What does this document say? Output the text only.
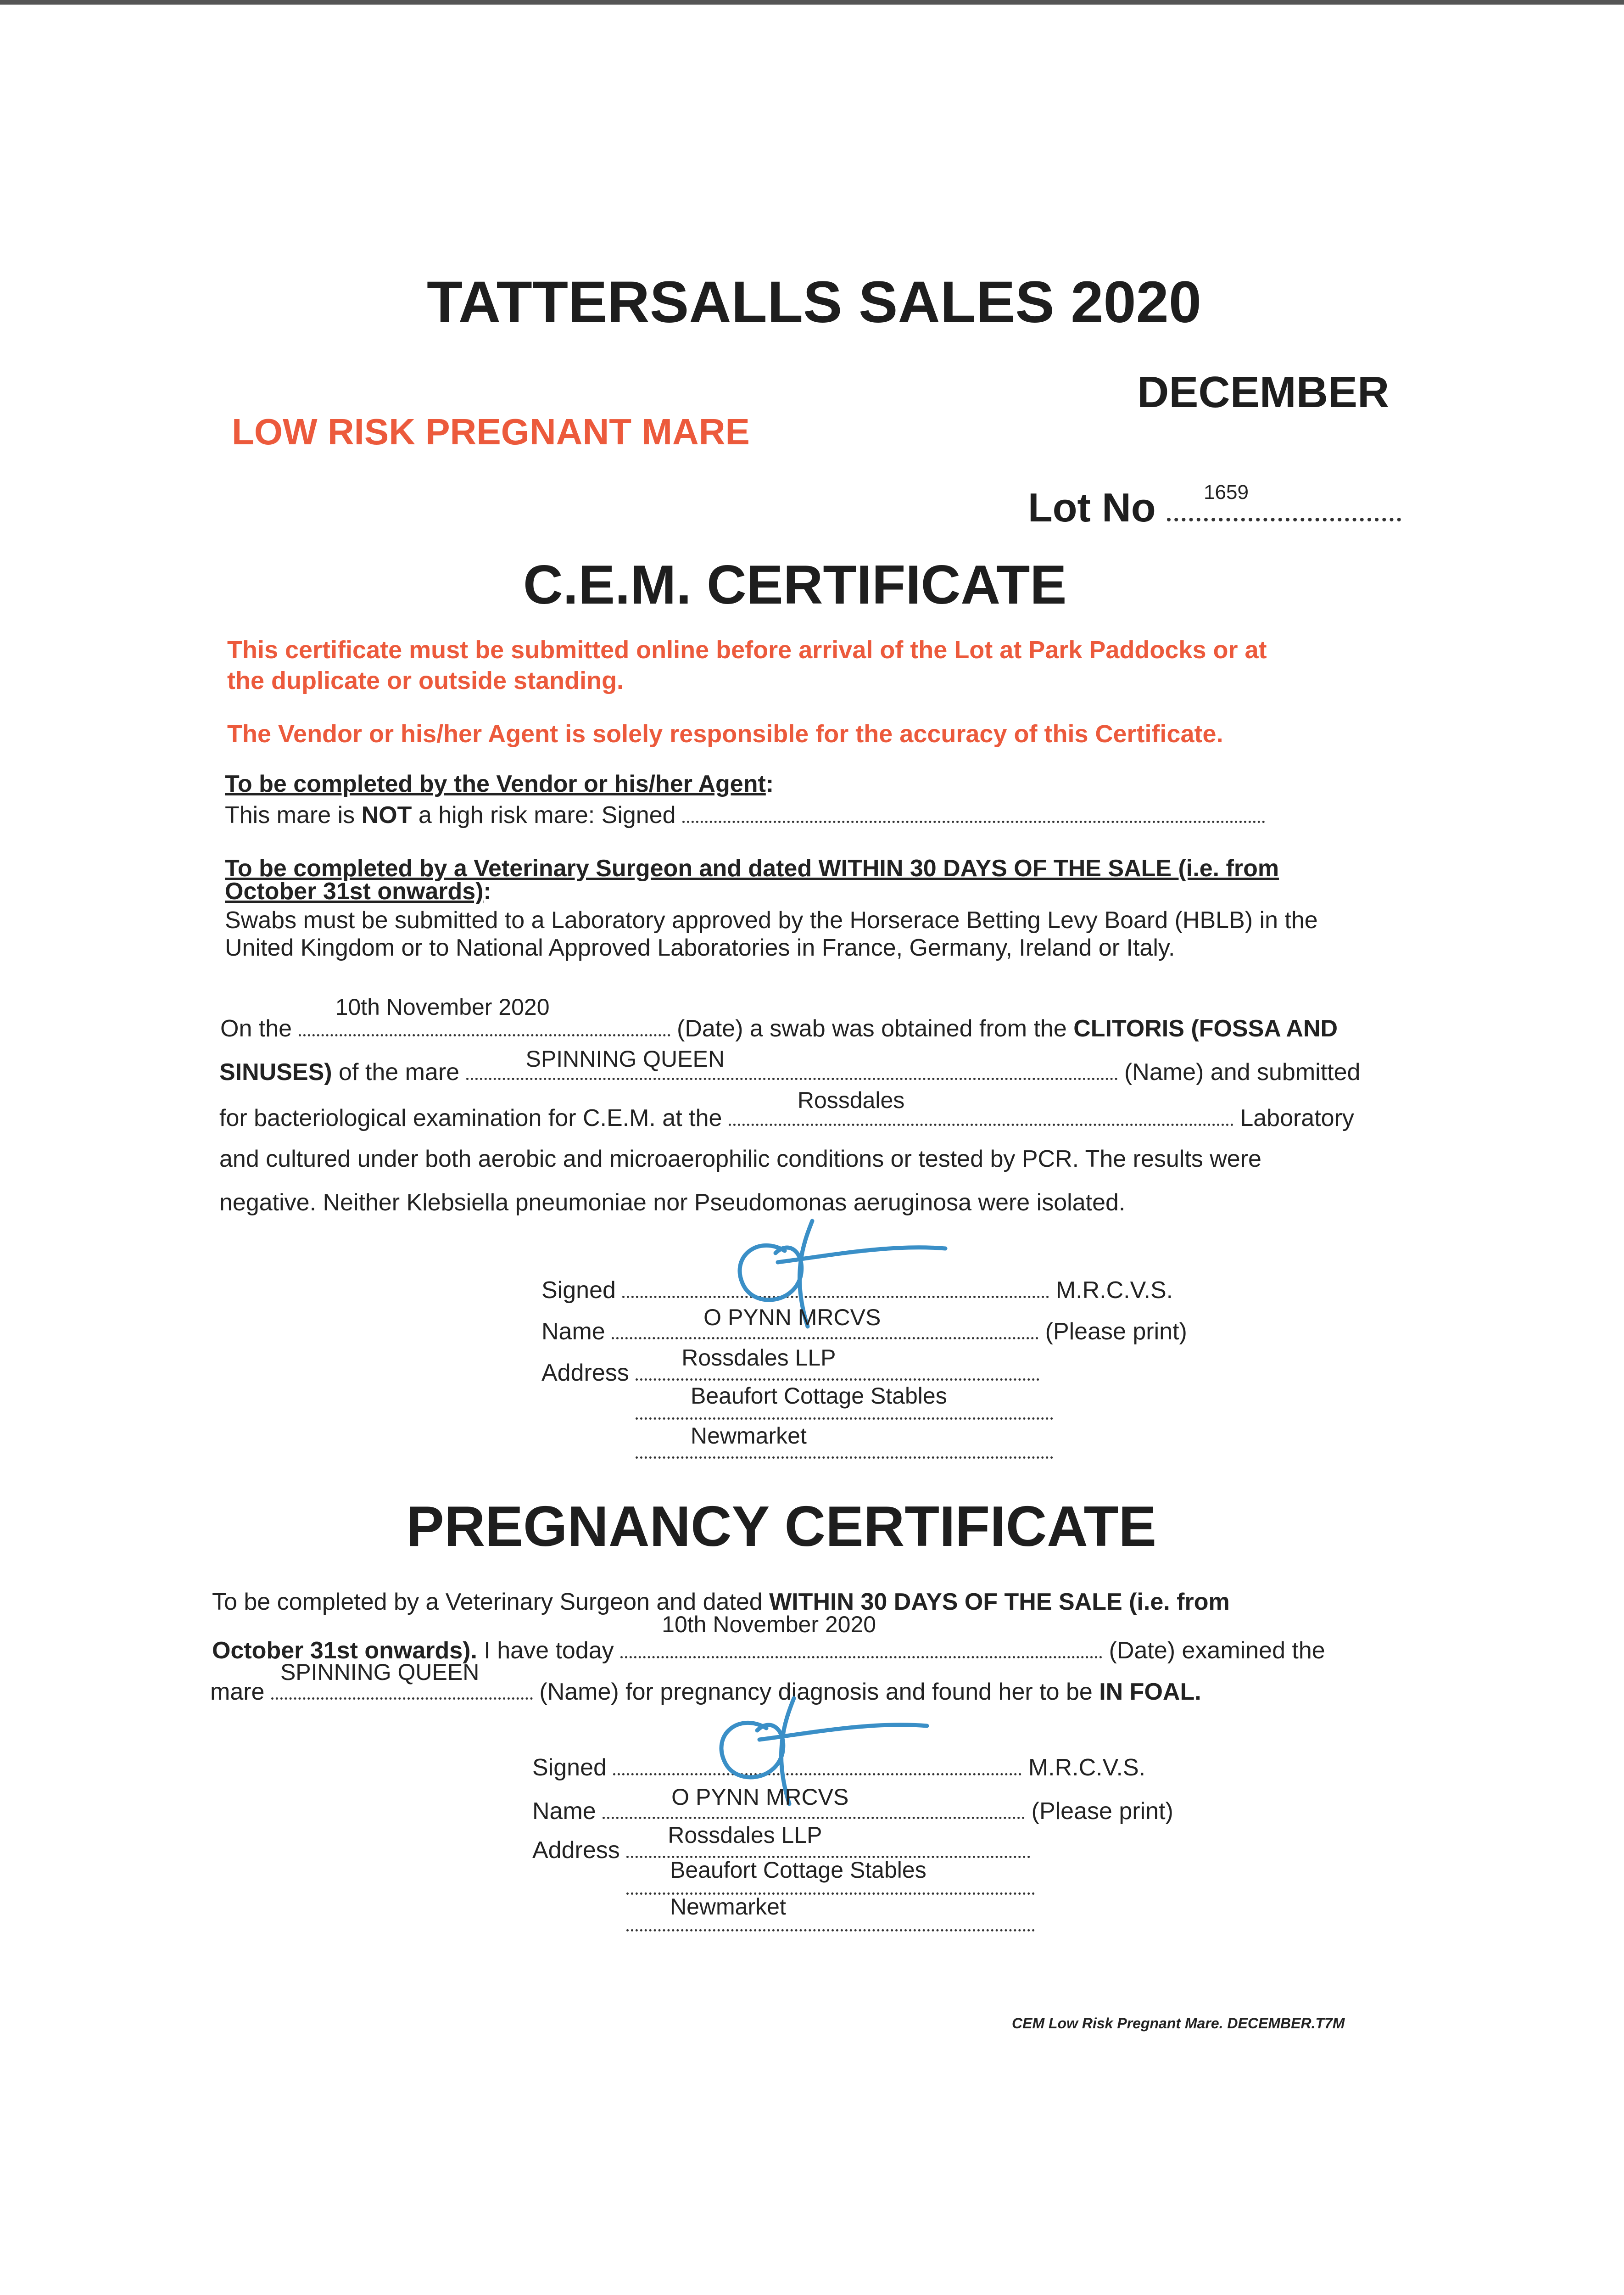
TATTERSALLS SALES 2020
DECEMBER
LOW RISK PREGNANT MARE
Lot No 1659
C.E.M. CERTIFICATE
This certificate must be submitted online before arrival of the Lot at Park Paddocks or at
the duplicate or outside standing.
The Vendor or his/her Agent is solely responsible for the accuracy of this Certificate.
To be completed by the Vendor or his/her Agent:
This mare is NOT a high risk mare: Signed
To be completed by a Veterinary Surgeon and dated WITHIN 30 DAYS OF THE SALE (i.e. from
October 31st onwards):
Swabs must be submitted to a Laboratory approved by the Horserace Betting Levy Board (HBLB) in the
United Kingdom or to National Approved Laboratories in France, Germany, Ireland or Italy.
On the
10th November 2020
(Date) a swab was obtained from the CLITORIS (FOSSA AND
SINUSES) of the mare	SPINNING QUEEN	(Name) and submitted
for bacteriological examination for C.E.M. at the
Rossdales
Laboratory
and cultured under both aerobic and microaerophilic conditions or tested by PCR. The results were
negative. Neither Klebsiella pneumoniae nor Pseudomonas aeruginosa were isolated.
Signed	M.R.C.V.S.
Name
O PYNN MRCVS
(Please print)
Address
Rossdales LLP
Beaufort Cottage Stables
Newmarket
PREGNANCY CERTIFICATE
To be completed by a Veterinary Surgeon and dated WITHIN 30 DAYS OF THE SALE (i.e. from
October 31st onwards). I have today
10th November 2020
(Date) examined the
mare
SPINNING QUEEN
(Name) for pregnancy diagnosis and found her to be IN FOAL.
Signed	M.R.C.V.S.
Name
O PYNN MRCVS
(Please print)
Address
Rossdales LLP
Beaufort Cottage Stables
Newmarket
CEM Low Risk Pregnant Mare. DECEMBER.T7M
